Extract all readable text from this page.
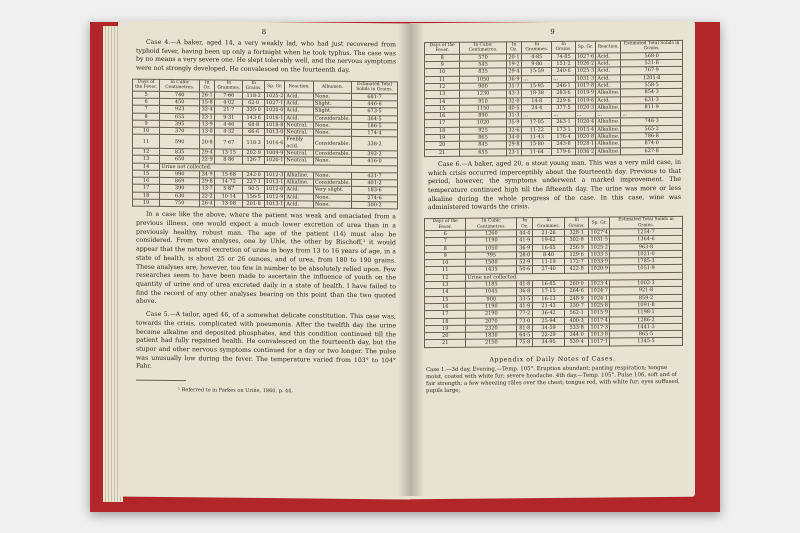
8
Case 4.—A baker, aged 14, a very weakly lad, who had just recovered from typhoid fever, having been up only a fortnight when he took typhus. The case was by no means a very severe one. He slept tolerably well, and the nervous symptoms were not strongly developed. He convalesced on the fourteenth day.
Days of the Fever.	In Cubic Centimetres.	In Oz.	In Grammes.	In Grains.	Sp. Gr.	Reaction.	Albumen.	Estimated Total Solids in Grains.
5	740	26·1	7·66	118·2	1025·2	Acid.	None.	681·7
6	450	15·8	4·02	62·0	1027·1	Acid.	Slight.	446·6
7	923	32·4	21·7	335·0	1020·0	Acid.	Slight.	673·5
8	655	23·1	9·31	143·6	1016·1	Acid.	Considerable.	364·5
9	395	13·9	4·46	68·8	1018·8	Neutral.	None.	186·5
10	370	13·0	4·32	66·6	1013·0	Neutral.	None.	174·4
11	590	20·8	7·67	118·3	1016·6	Feebly acid.	Considerable.	338·2
12	835	29·4	13·15	202·9	1009·9	Neutral.	Considerable.	392·2
13	650	22·9	8·86	136·7	1020·1	Neutral.	None.	416·0
14	Urine not collected.							
15	990	34·9	15·68	242·0	1012·3	Alkaline.	None.	431·7
16	869	29·8	14·72	227·1	1013·1	Alkaline.	Considerable.	401·2
17	390	13·7	5·87	90·5	1012·0	Acid.	Very slight.	183·6
18	630	22·2	10·14	156·5	1012·9	Acid.	None.	274·6
19	750	26·4	13·08	201·8	1013·1	Acid.	None.	300·2
In a case like the above, where the patient was weak and emaciated from a previous illness, one would expect a much lower excretion of urea than in a previously healthy, robust man. The age of the patient (14) must also be considered. From two analyses, one by Uhle, the other by Bischoff,¹ it would appear that the natural excretion of urine in boys from 13 to 16 years of age, in a state of health, is about 25 or 26 ounces, and of urea, from 180 to 190 grains. These analyses are, however, too few in number to be absolutely relied upon. Few researches seem to have been made to ascertain the influence of youth on the quantity of urine and of urea excreted daily in a state of health. I have failed to find the record of any other analyses bearing on this point than the two quoted above.
Case 5.—A tailor, aged 46, of a somewhat delicate constitution. This case was, towards the crisis, complicated with pneumonia. After the twelfth day the urine became alkaline and deposited phosphates, and this condition continued till the patient had fully regained health. He convalesced on the fourteenth day, but the stupor and other nervous symptoms continued for a day or two longer. The pulse was unusually low during the fever. The temperature varied from 103° to 104° Fahr.
¹ Referred to in Parkes on Urine, 1860, p. 44.
9
Days of the Fever.	In Cubic Centimetres.	In Oz.	In Grammes.	In Grains.	Sp. Gr.	Reaction.	Estimated Total Solids in Grains.
8	570	20·1	4·85	74·85	1027·6	Acid.	568·0
9	545	19·2	9·80	151·2	1026·2	Acid.	521·8
10	835	29·4	15·59	240·6	1025·3	Acid.	767·9
11	1050	36·9	...	...	1031·3	Acid.	1201·8
12	900	31·7	15·95	246·1	1017·8	Acid.	558·5
13	1230	43·3	18·38	283·6	1019·9	Alkaline.	854·3
14	910	32·0	14·8	229·6	1019·6	Acid.	631·3
15	1150	40·5	24·4	377·5	1020·3	Alkaline.	811·9
16	890	31·3	...	...	...	...	...
17	1020	35·9	17·05	263·1	1020·4	Alkaline.	746·3
18	925	32·6	11·22	173·1	1015·4	Alkaline.	565·2
19	865	34·0	11·43	176·4	1020·8	Alkaline.	786·8
20	845	29·8	15·80	243·8	1028·1	Alkaline.	874·0
21	655	23·1	11·64	179·6	1036·2	Alkaline.	627·8
Case 6.—A baker, aged 20, a stout young man. This was a very mild case, in which crisis occurred imperceptibly about the fourteenth day. Previous to that period, however, the symptoms underwent a marked improvement. The temperature continued high till the fifteenth day. The urine was more or less alkaline during the whole progress of the case. In this case, wine was administered towards the crisis.
Days of the Fever.	In Cubic Centimetres.	In Oz.	In Grammes.	In Grains.	Sp. Gr.	Estimated Total Solids in Grains.
6	1260	44·4	21·26	328·1	1027·4	1254·7
7	1190	41·9	19·62	302·8	1031·5	1364·6
8	1050	36·9	16·65	256·9	1025·2	963·8
9	795	28·0	8·40	129·6	1033·5	1021·0
10	1500	52·9	11·19	172·7	1033·9	1785·3
11	1435	50·6	27·40	422·8	1020·9	1051·9
12	Urine not collected.					
13	1185	41·8	16·85	260·0	1023·4	1002·3
14	1045	36·8	17·15	264·6	1024·7	921·8
15	900	33·5	16·13	248·9	1024·1	859·2
16	1190	41·9	21·43	330·7	1025·8	1091·8
17	2190	77·2	36·42	562·1	1015·9	1198·1
18	2070	73·0	25·94	400·3	1017·4	1286·2
19	2320	81·8	34·59	533·8	1017·3	1441·3
20	1830	64·5	22·29	344·0	1013·8	865·5
21	2150	75·8	34·95	539·4	1017·1	1345·5
Appendix of Daily Notes of Cases.
Case 1.—3d day, Evening.—Temp. 105°. Eruption abundant; panting respiration; tongue moist, coated with white fur; severe headache. 4th day.—Temp. 105°. Pulse 106, soft and of fair strength; a few wheezing râles over the chest; tongue red, with white fur; eyes suffused, pupils large;
